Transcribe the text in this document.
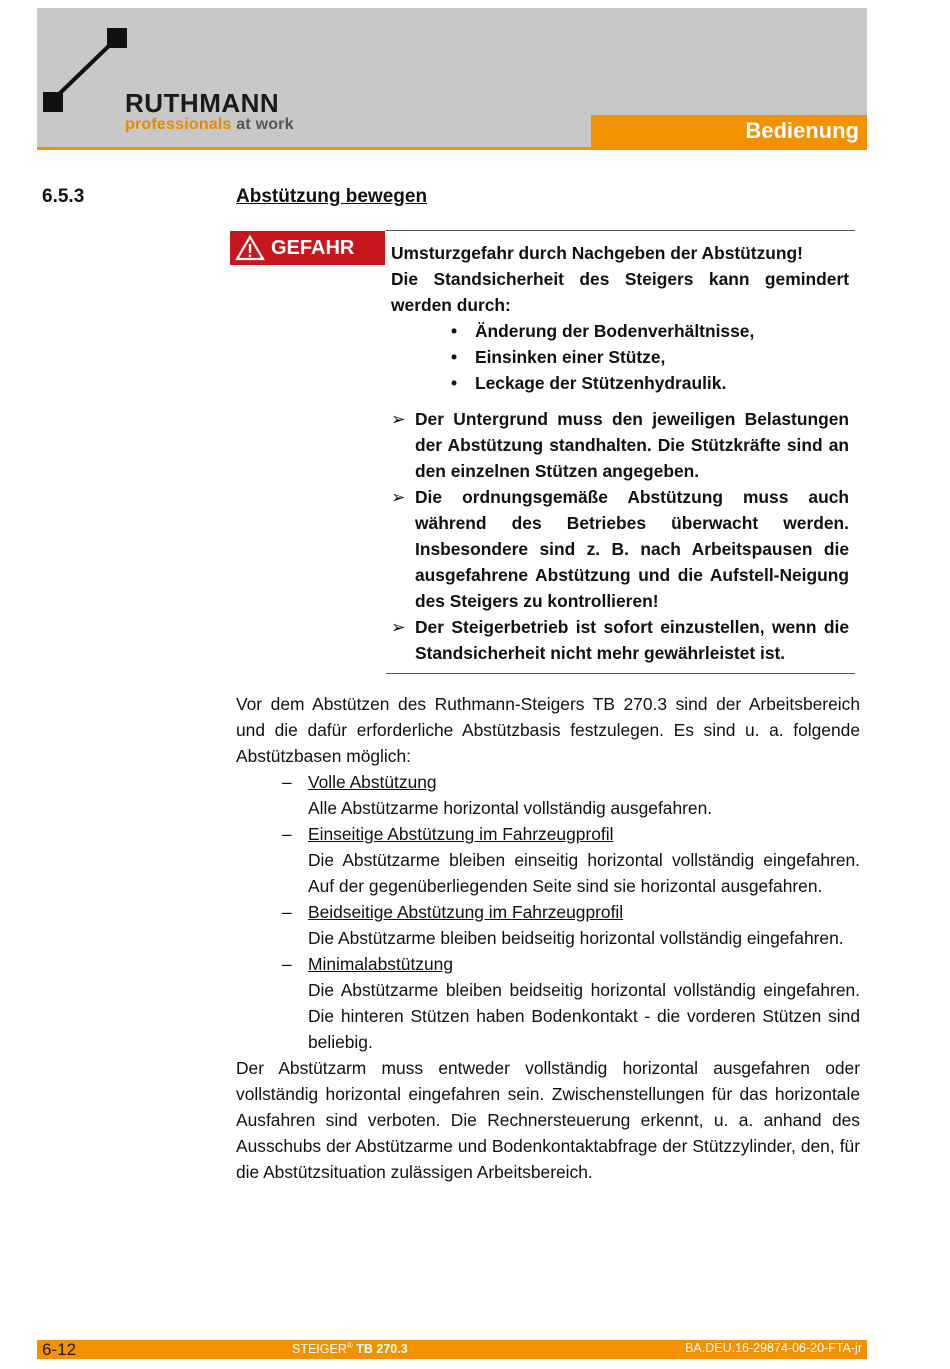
RUTHMANN
professionals at work	Bedienung
6.5.3	Abstützung bewegen
GEFAHR Umsturzgefahr durch Nachgeben der Abstützung!

Die Standsicherheit des Steigers kann gemindert werden durch:

• Änderung der Bodenverhältnisse,
• Einsinken einer Stütze,
• Leckage der Stützenhydraulik.
➢ Der Untergrund muss den jeweiligen Belastungen der Abstützung standhalten. Die Stützkräfte sind an den einzelnen Stützen angegeben.
➢ Die ordnungsgemäße Abstützung muss auch während des Betriebes überwacht werden. Insbesondere sind z. B. nach Arbeitspausen die ausgefahrene Abstützung und die Aufstell-Neigung des Steigers zu kontrollieren!
➢ Der Steigerbetrieb ist sofort einzustellen, wenn die Standsicherheit nicht mehr gewährleistet ist.

Vor dem Abstützen des Ruthmann-Steigers TB 270.3 sind der Arbeitsbereich und die dafür erforderliche Abstützbasis festzulegen. Es sind u. a. folgende Abstützbasen möglich:

– Volle Abstützung
Alle Abstützarme horizontal vollständig ausgefahren.
– Einseitige Abstützung im Fahrzeugprofil
Die Abstützarme bleiben einseitig horizontal vollständig eingefahren. Auf der gegenüberliegenden Seite sind sie horizontal ausgefahren.
– Beidseitige Abstützung im Fahrzeugprofil
Die Abstützarme bleiben beidseitig horizontal vollständig eingefahren.
– Minimalabstützung
Die Abstützarme bleiben beidseitig horizontal vollständig eingefahren. Die hinteren Stützen haben Bodenkontakt - die vorderen Stützen sind beliebig.

Der Abstützarm muss entweder vollständig horizontal ausgefahren oder vollständig horizontal eingefahren sein. Zwischenstellungen für das horizontale Ausfahren sind verboten. Die Rechnersteuerung erkennt, u. a. anhand des Ausschubs der Abstützarme und Bodenkontaktabfrage der Stützzylinder, den, für die Abstützsituation zulässigen Arbeitsbereich.

6-12	STEIGER® TB 270.3	BA.DEU.16-29874-06-20-FTA-jr
